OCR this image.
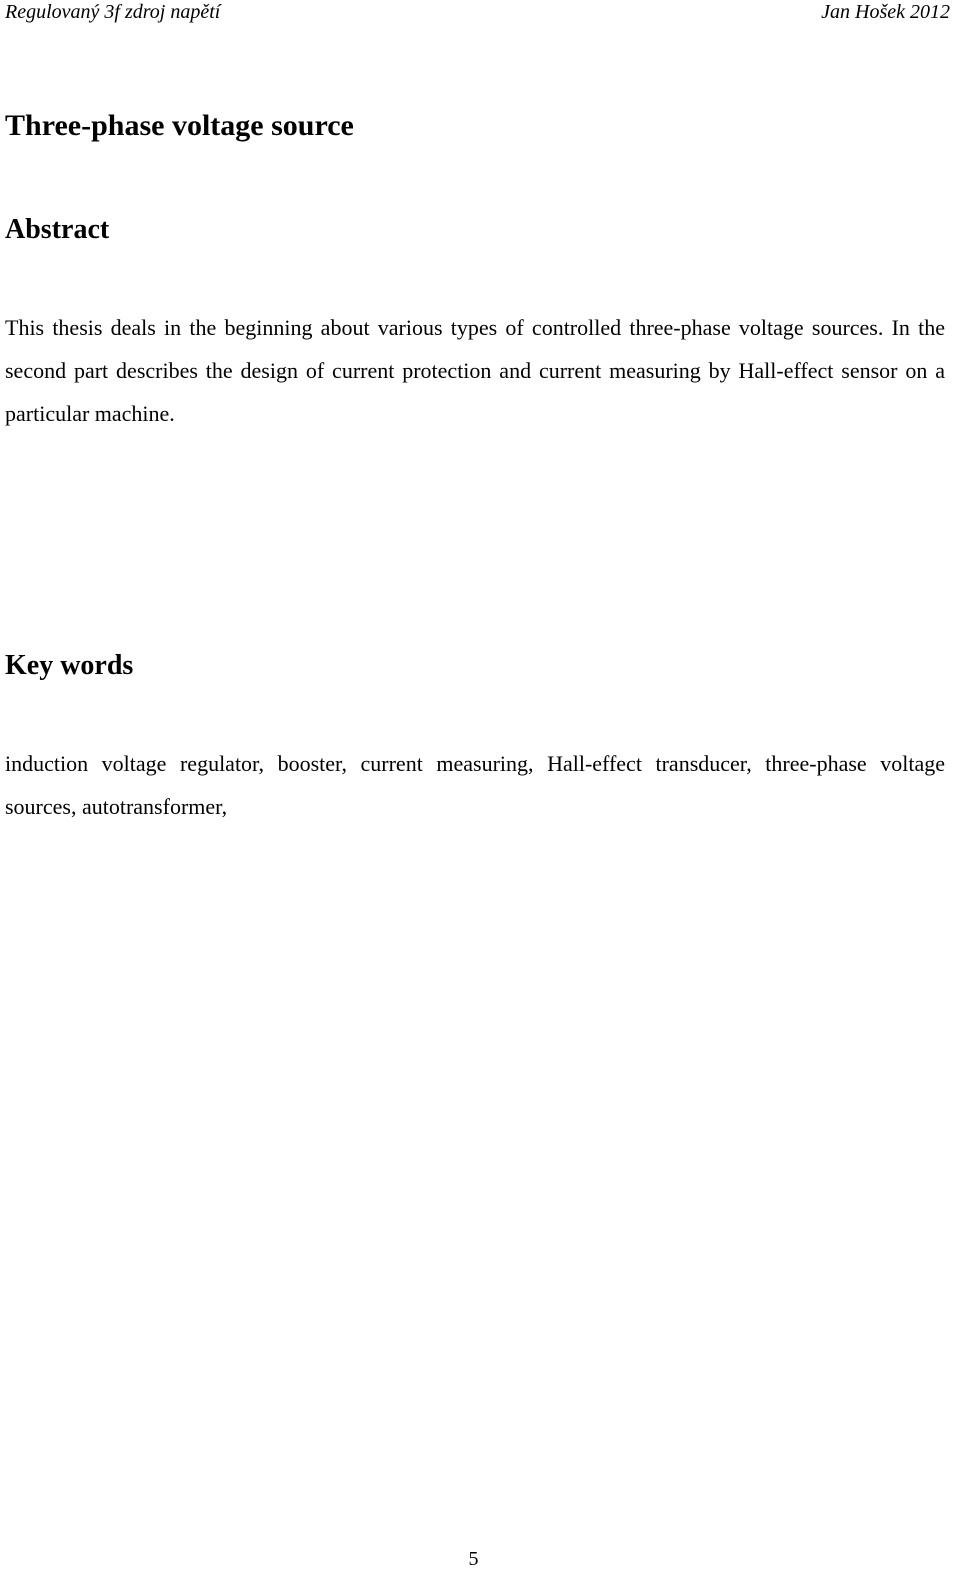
Regulovaný 3f zdroj napětí	Jan Hošek 2012
Three-phase voltage source
Abstract

This thesis deals in the beginning about various types of controlled three-phase voltage sources. In the second part describes the design of current protection and current measuring by Hall-effect sensor on a particular machine.

Key words

induction voltage regulator, booster, current measuring, Hall-effect transducer, three-phase voltage sources, autotransformer,

5
